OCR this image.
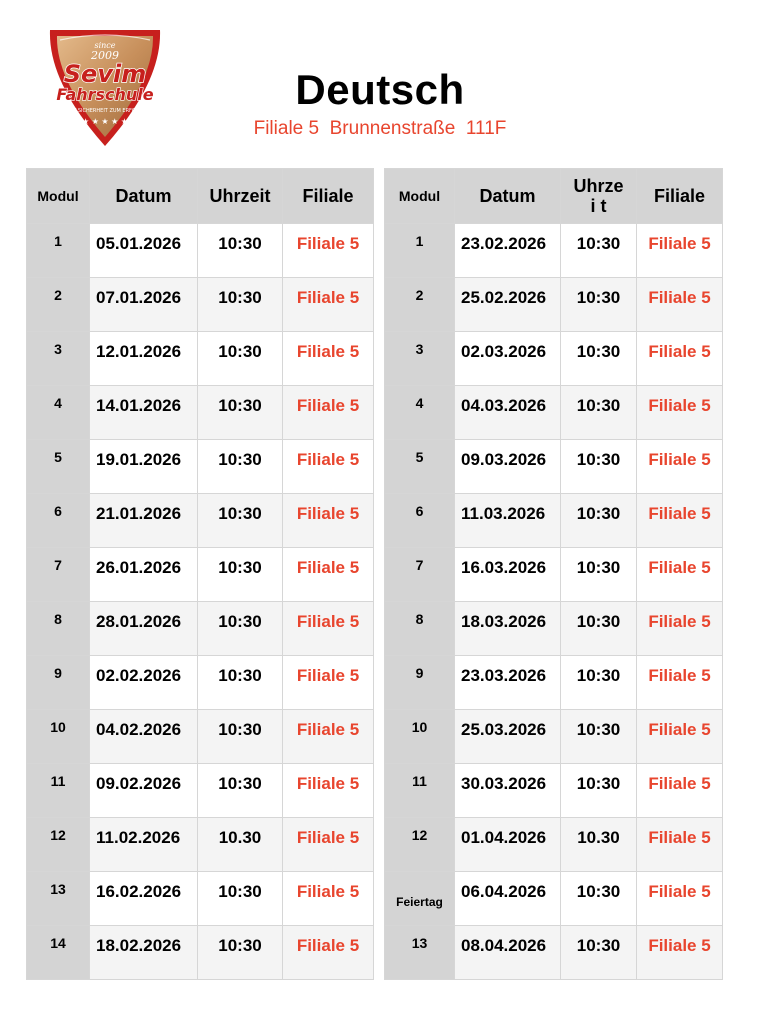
since
2009
Sevim
Fahrschule
MIT SICHERHEIT ZUM ERFOLG
★ ★ ★ ★ ★
Deutsch
Filiale 5  Brunnenstraße  111F
Modul	Datum	Uhrzeit	Filiale
1	05.01.2026	10:30	Filiale 5
2	07.01.2026	10:30	Filiale 5
3	12.01.2026	10:30	Filiale 5
4	14.01.2026	10:30	Filiale 5
5	19.01.2026	10:30	Filiale 5
6	21.01.2026	10:30	Filiale 5
7	26.01.2026	10:30	Filiale 5
8	28.01.2026	10:30	Filiale 5
9	02.02.2026	10:30	Filiale 5
10	04.02.2026	10:30	Filiale 5
11	09.02.2026	10:30	Filiale 5
12	11.02.2026	10.30	Filiale 5
13	16.02.2026	10:30	Filiale 5
14	18.02.2026	10:30	Filiale 5
Modul	Datum	Uhrzei t	Filiale
1	23.02.2026	10:30	Filiale 5
2	25.02.2026	10:30	Filiale 5
3	02.03.2026	10:30	Filiale 5
4	04.03.2026	10:30	Filiale 5
5	09.03.2026	10:30	Filiale 5
6	11.03.2026	10:30	Filiale 5
7	16.03.2026	10:30	Filiale 5
8	18.03.2026	10:30	Filiale 5
9	23.03.2026	10:30	Filiale 5
10	25.03.2026	10:30	Filiale 5
11	30.03.2026	10:30	Filiale 5
12	01.04.2026	10.30	Filiale 5
Feiertag	06.04.2026	10:30	Filiale 5
13	08.04.2026	10:30	Filiale 5
